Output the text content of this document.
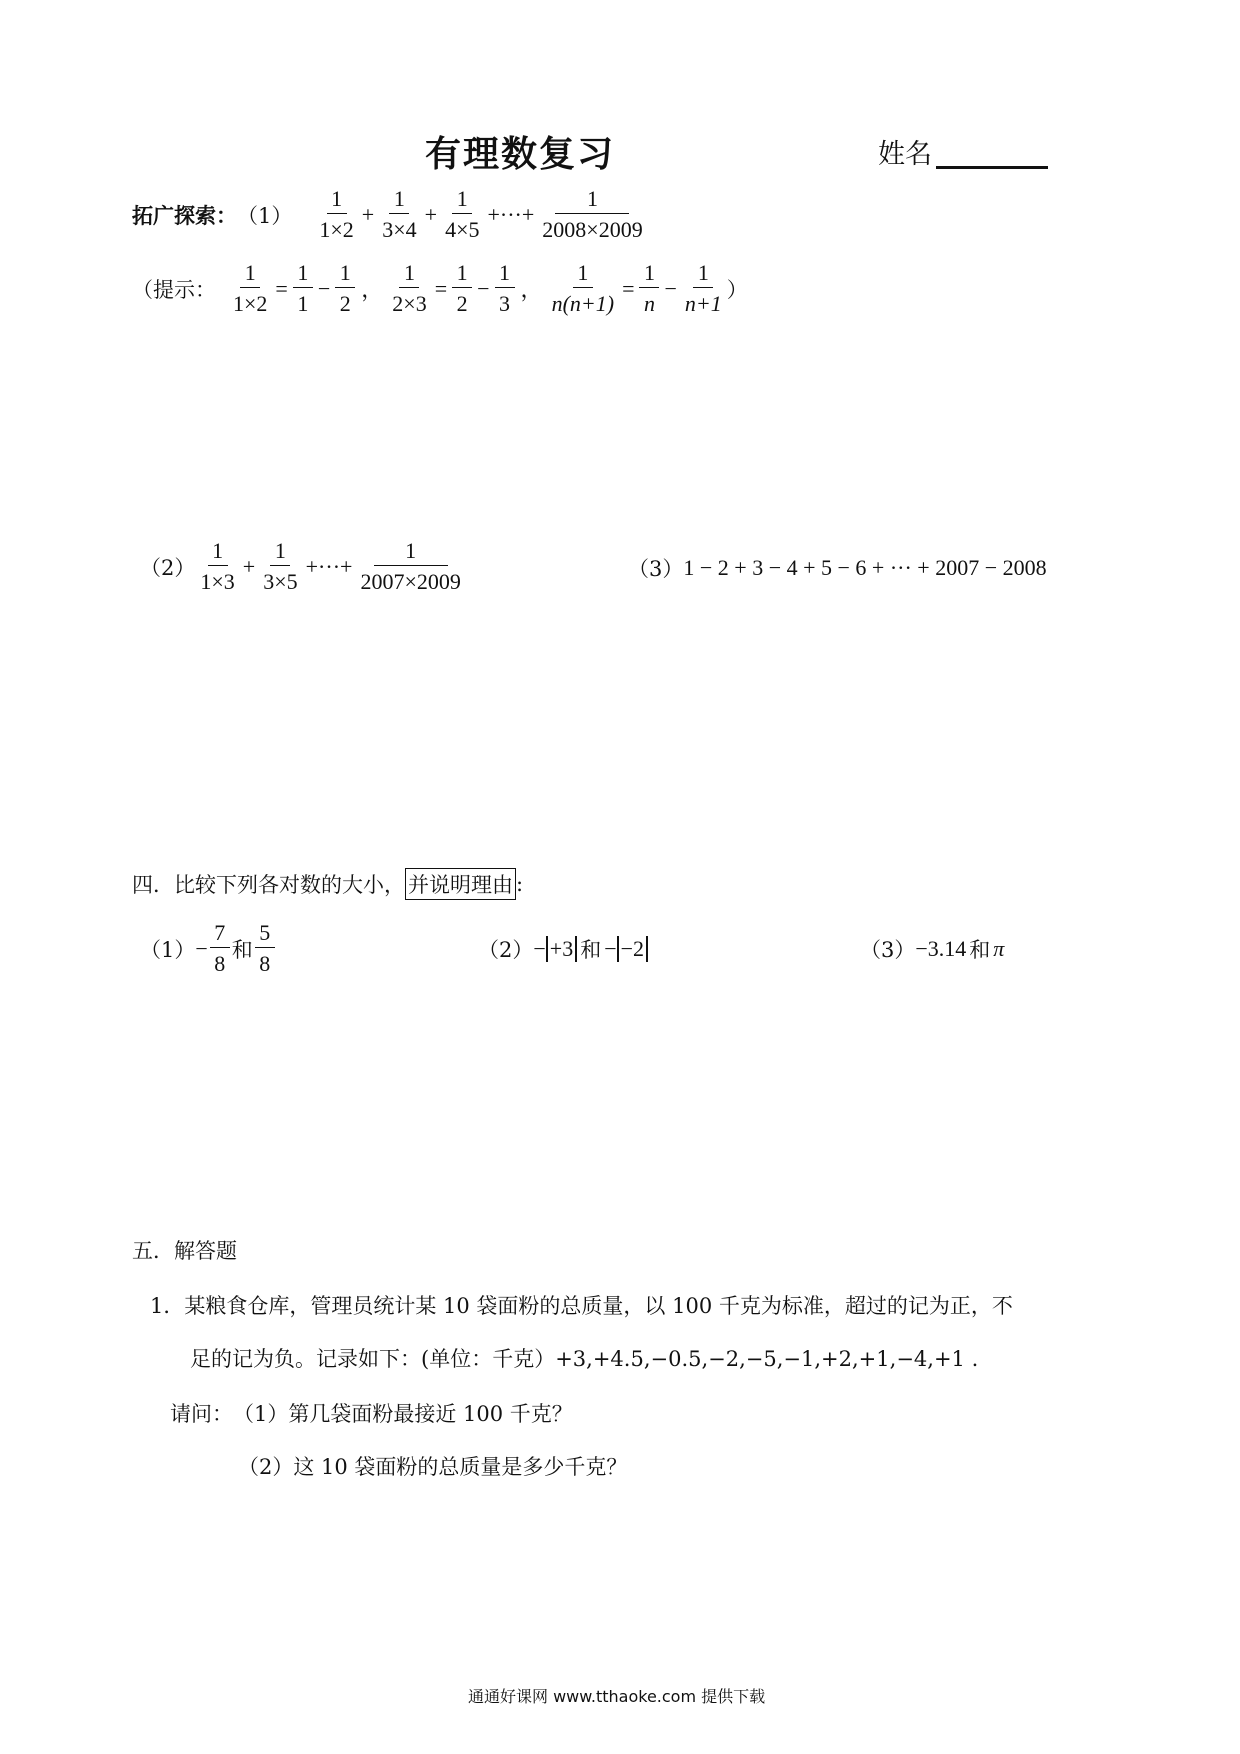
有理数复习	姓名
拓广探索： $(1) \frac{1}{1\times 2} + \frac{1}{3\times 4} + \frac{1}{4\times 5}$ +···+ $\frac{1}{2008\times 2009}$
（提示： $\frac{1}{1\times 2} = \frac{1}{1} - \frac{1}{2}$ ， $\frac{1}{2\times 3} = \frac{1}{2} - \frac{1}{3}$ ， $\frac{1}{n(n+1)} = \frac{1}{n} - \frac{1}{n+1}$ ）
$(2) \frac{1}{1\times 3} + \frac{1}{3\times 5}$ +···+ $\frac{1}{2007\times 2009}$	（3） 1 − 2 + 3 − 4 + 5 − 6 + ··· + 2007 − 2008
四．比较下列各对数的大小， 并说明理由 :
$(1) - \frac{7}{8}$ 和 $\frac{5}{8}$	（2） − +3 和 − −2	（3） −3.14 和 π
五．解答题
1．某粮食仓库，管理员统计某 10 袋面粉的总质量，以 100 千克为标准，超过的记为正，不
足的记为负。记录如下：(单位：千克）+3,+4.5,−0.5,−2,−5,−1,+2,+1,−4,+1 .
请问： （1）第几袋面粉最接近 100 千克？
（2）这 10 袋面粉的总质量是多少千克？
通通好课网 www.tthaoke.com 提供下载
